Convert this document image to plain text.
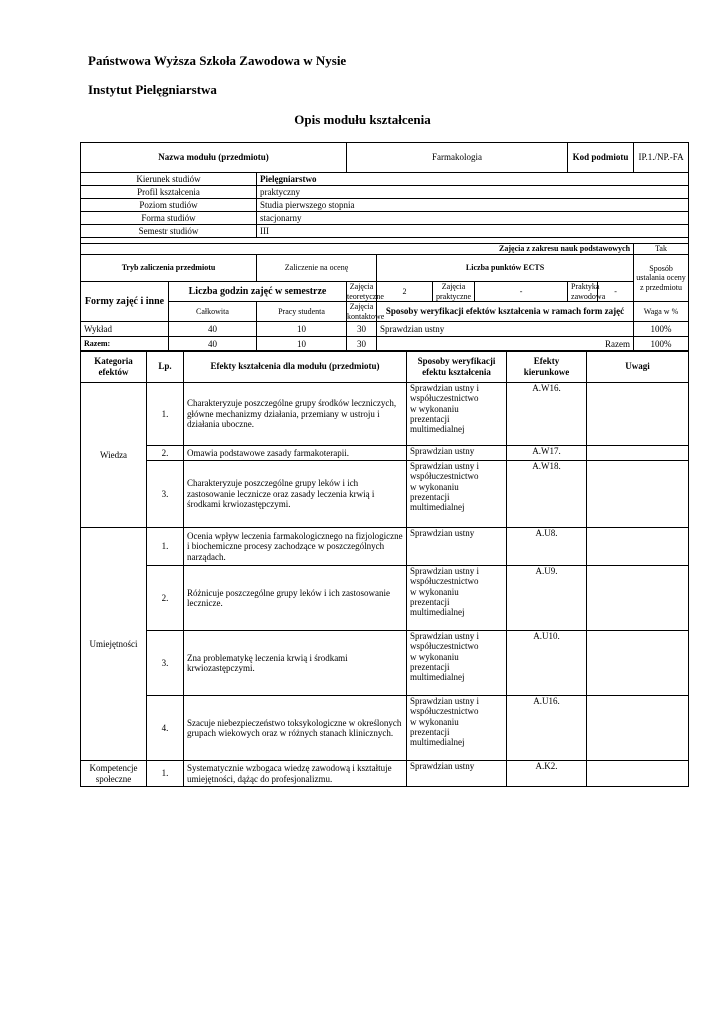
Państwowa Wyższa Szkoła Zawodowa w Nysie
Instytut Pielęgniarstwa
Opis modułu kształcenia
Nazwa modułu (przedmiotu)			Farmakologia				Kod podmiotu		IP.1./NP.-FA
Kierunek studiów		Pielęgniarstwo							
Profil kształcenia		praktyczny							
Poziom studiów		Studia pierwszego stopnia							
Forma studiów		stacjonarny							
Semestr studiów		III							

Zajęcia z zakresu nauk podstawowych									Tak
Tryb zaliczenia przedmiotu		Zaliczenie na ocenę		Liczba punktów ECTS					Sposób ustalania oceny z przedmiotu
Formy zajęć i inne	Liczba godzin zajęć w semestrze		Zajęcia teoretyczne	2	Zajęcia praktyczne	-	Praktyka zawodowa	-	
	Całkowita	Pracy studenta	Zajęcia kontaktowe	Sposoby weryfikacji efektów kształcenia w ramach form zajęć					Waga w %
Wykład	40	10	30	Sprawdzian ustny					100%
Razem:	40	10	30	Razem					100%
Kategoria efektów	Lp.	Efekty kształcenia dla modułu (przedmiotu)	Sposoby weryfikacji efektu kształcenia	Efekty kierunkowe	Uwagi
Wiedza	1.	Charakteryzuje poszczególne grupy środków leczniczych, główne mechanizmy działania, przemiany w ustroju i działania uboczne.	Sprawdzian ustny i
współuczestnictwo
w wykonaniu
prezentacji
multimedialnej	A.W16.	
	2.	Omawia podstawowe zasady farmakoterapii.	Sprawdzian ustny	A.W17.	
	3.	Charakteryzuje poszczególne grupy leków i ich zastosowanie lecznicze oraz zasady leczenia krwią i środkami krwiozastępczymi.	Sprawdzian ustny i
współuczestnictwo
w wykonaniu
prezentacji
multimedialnej	A.W18.	
Umiejętności	1.	Ocenia wpływ leczenia farmakologicznego na fizjologiczne i biochemiczne procesy zachodzące w poszczególnych narządach.	Sprawdzian ustny	A.U8.	
	2.	Różnicuje poszczególne grupy leków i ich zastosowanie lecznicze.	Sprawdzian ustny i
współuczestnictwo
w wykonaniu
prezentacji
multimedialnej	A.U9.	
	3.	Zna problematykę leczenia krwią i środkami krwiozastępczymi.	Sprawdzian ustny i
współuczestnictwo
w wykonaniu
prezentacji
multimedialnej	A.U10.	
	4.	Szacuje niebezpieczeństwo toksykologiczne w określonych grupach wiekowych oraz w różnych stanach klinicznych.	Sprawdzian ustny i
współuczestnictwo
w wykonaniu
prezentacji
multimedialnej	A.U16.	
Kompetencje społeczne	1.	Systematycznie wzbogaca wiedzę zawodową i kształtuje umiejętności, dążąc do profesjonalizmu.	Sprawdzian ustny	A.K2.	
